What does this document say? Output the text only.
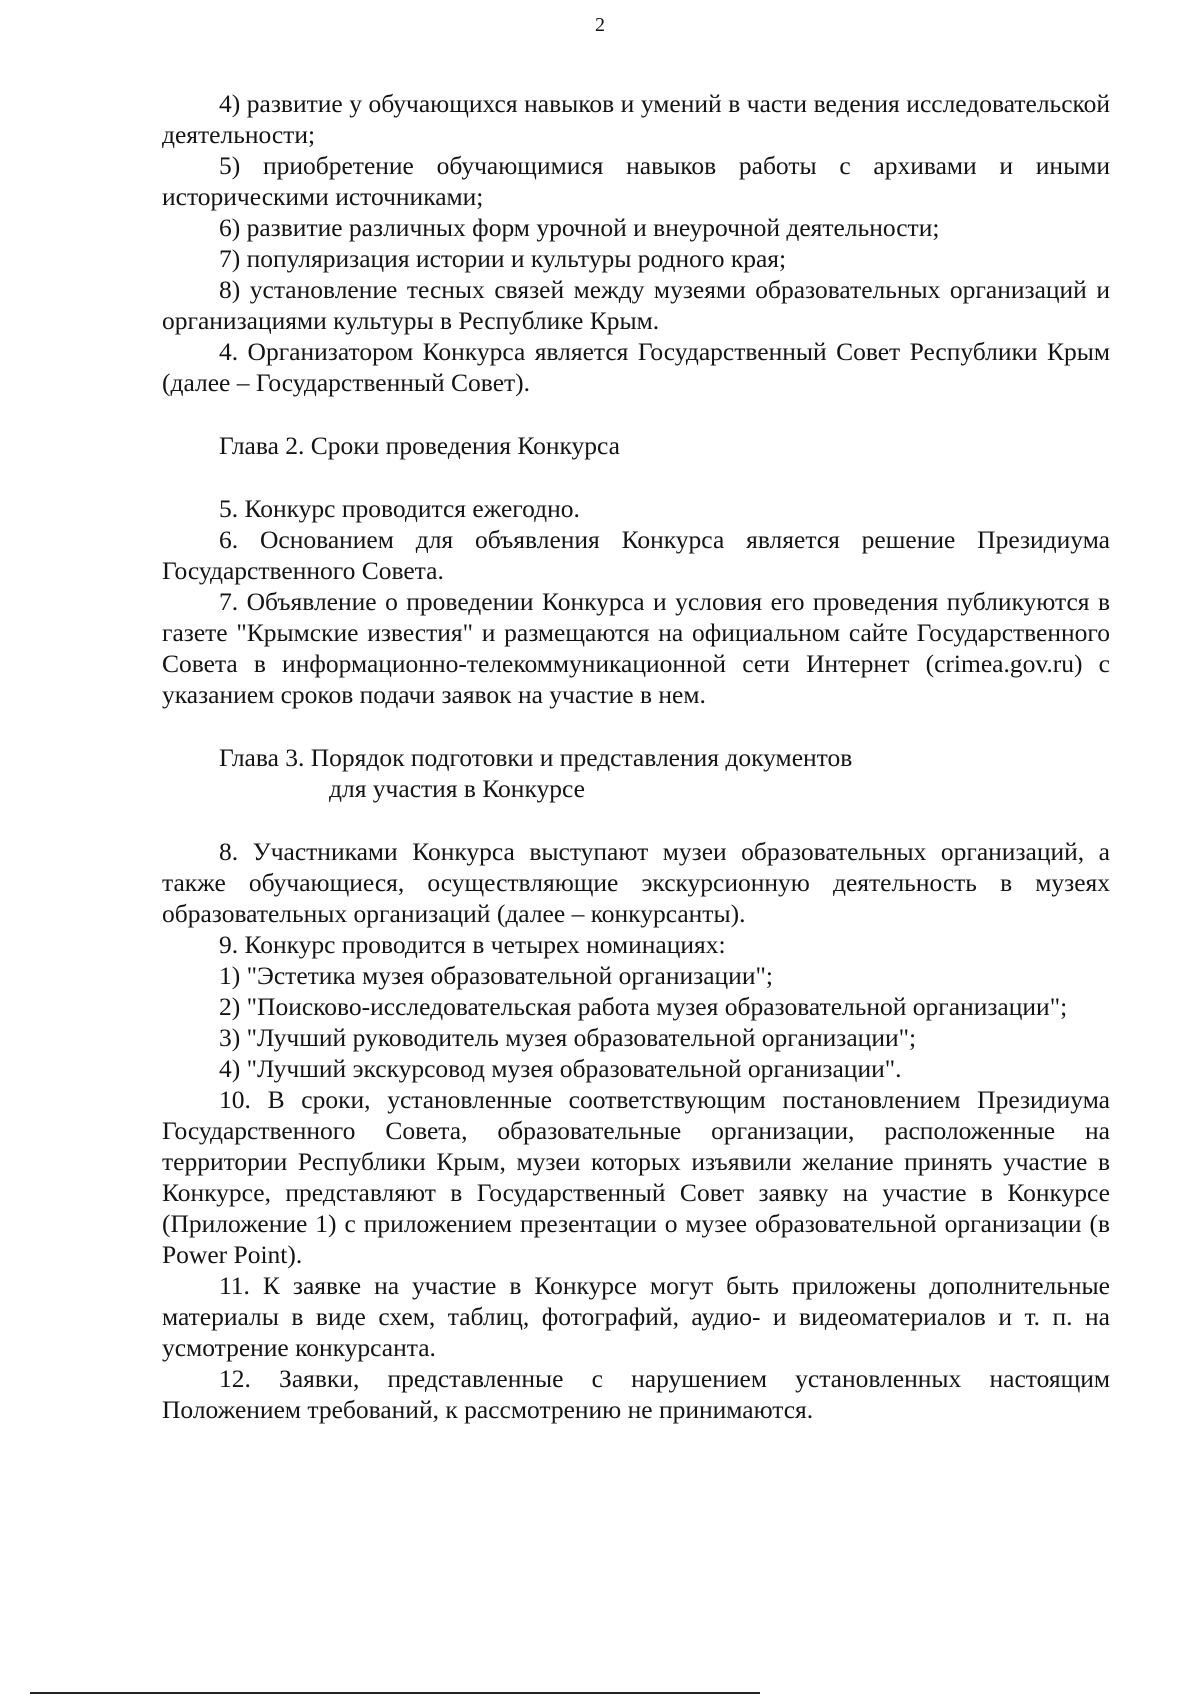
2

4) развитие у обучающихся навыков и умений в части ведения исследовательской деятельности;

5) приобретение обучающимися навыков работы с архивами и иными историческими источниками;

6) развитие различных форм урочной и внеурочной деятельности;

7) популяризация истории и культуры родного края;

8) установление тесных связей между музеями образовательных организаций и организациями культуры в Республике Крым.

4. Организатором Конкурса является Государственный Совет Республики Крым (далее – Государственный Совет).

Глава 2. Сроки проведения Конкурса

5. Конкурс проводится ежегодно.

6. Основанием для объявления Конкурса является решение Президиума Государственного Совета.

7. Объявление о проведении Конкурса и условия его проведения публикуются в газете "Крымские известия" и размещаются на официальном сайте Государственного Совета в информационно-телекоммуникационной сети Интернет (crimea.gov.ru) с указанием сроков подачи заявок на участие в нем.

Глава 3. Порядок подготовки и представления документов

для участия в Конкурсе

8. Участниками Конкурса выступают музеи образовательных организаций, а также обучающиеся, осуществляющие экскурсионную деятельность в музеях образовательных организаций (далее – конкурсанты).

9. Конкурс проводится в четырех номинациях:

1) "Эстетика музея образовательной организации";

2) "Поисково-исследовательская работа музея образовательной организации";

3) "Лучший руководитель музея образовательной организации";

4) "Лучший экскурсовод музея образовательной организации".

10. В сроки, установленные соответствующим постановлением Президиума Государственного Совета, образовательные организации, расположенные на территории Республики Крым, музеи которых изъявили желание принять участие в Конкурсе, представляют в Государственный Совет заявку на участие в Конкурсе (Приложение 1) с приложением презентации о музее образовательной организации (в Power Point).

11. К заявке на участие в Конкурсе могут быть приложены дополнительные материалы в виде схем, таблиц, фотографий, аудио- и видеоматериалов и т. п. на усмотрение конкурсанта.

12. Заявки, представленные с нарушением установленных настоящим Положением требований, к рассмотрению не принимаются.
